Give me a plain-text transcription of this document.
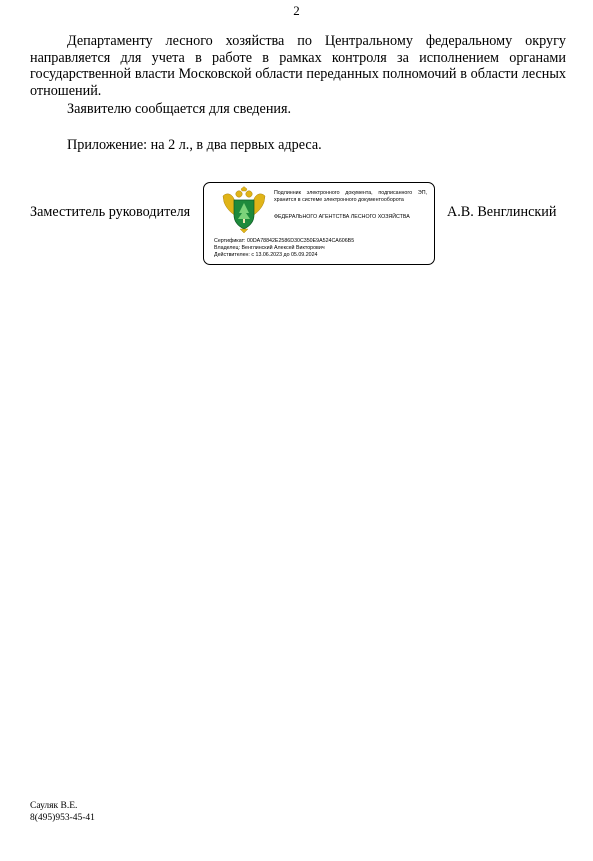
2

Департаменту лесного хозяйства по Центральному федеральному округу направляется для учета в работе в рамках контроля за исполнением органами государственной власти Московской области переданных полномочий в области лесных отношений.

Заявителю сообщается для сведения.

Приложение: на 2 л., в два первых адреса.

Заместитель руководителя
Подлинник электронного документа, подписанного ЭП, хранится в системе электронного документооборота
ФЕДЕРАЛЬНОГО АГЕНТСТВА ЛЕСНОГО ХОЗЯЙСТВА
Сертификат: 00DA78842E2586D30C350E9A524CA606B5
Владелец: Венглинский Алексей Викторович
Действителен: с 13.06.2023 до 05.09.2024
А.В. Венглинский
Сауляк В.Е.
8(495)953-45-41
